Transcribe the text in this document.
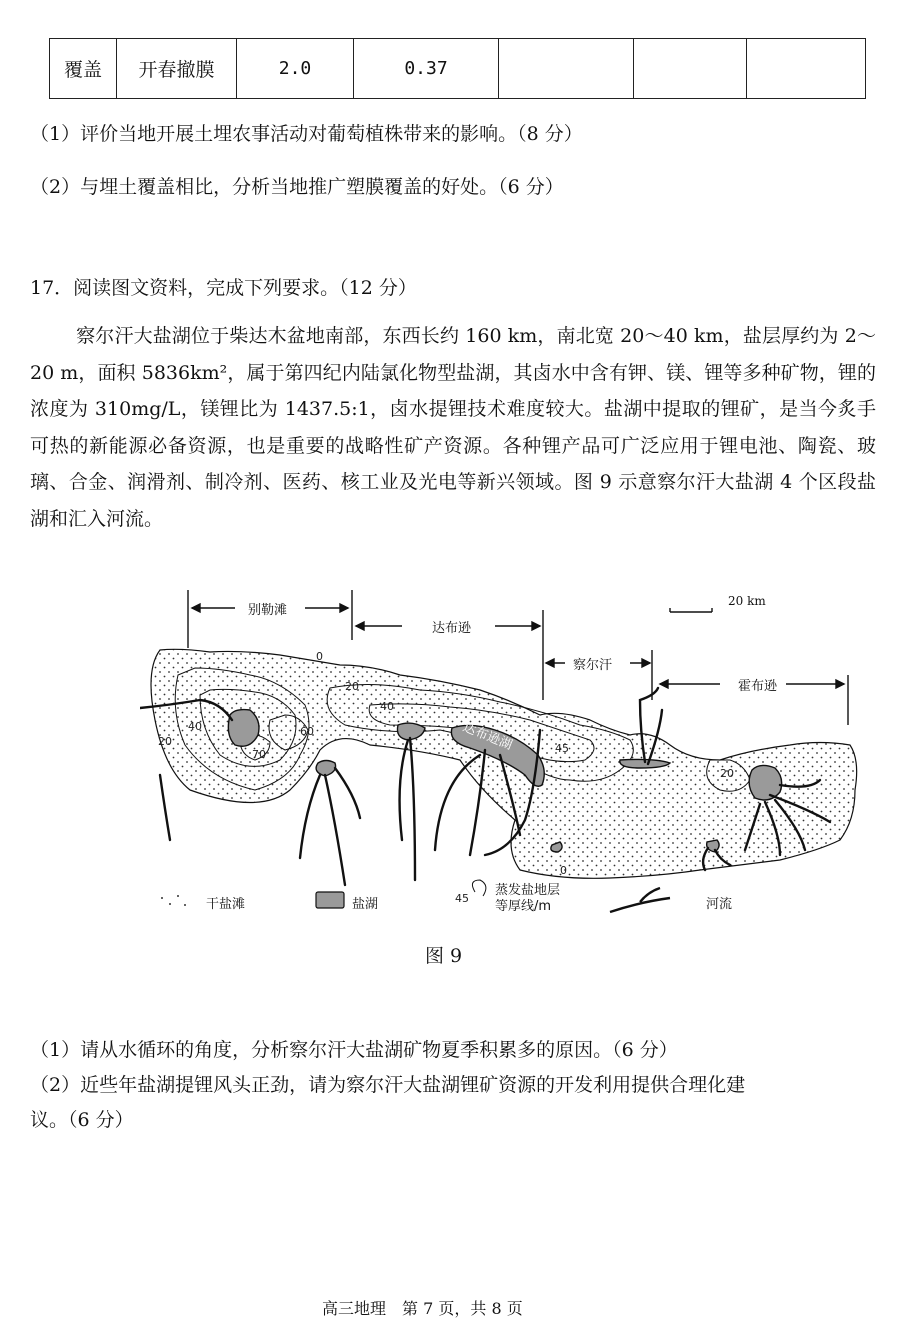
覆盖	开春撤膜	2.0	0.37			
（1）评价当地开展土埋农事活动对葡萄植株带来的影响。（8 分）
（2）与埋土覆盖相比，分析当地推广塑膜覆盖的好处。（6 分）
17．阅读图文资料，完成下列要求。（12 分）
察尔汗大盐湖位于柴达木盆地南部，东西长约 160 km，南北宽 20～40 km，盐层厚约为 2～20 m，面积 5836km²，属于第四纪内陆氯化物型盐湖，其卤水中含有钾、镁、锂等多种矿物，锂的浓度为 310mg/L，镁锂比为 1437.5:1，卤水提锂技术难度较大。盐湖中提取的锂矿，是当今炙手可热的新能源必备资源，也是重要的战略性矿产资源。各种锂产品可广泛应用于锂电池、陶瓷、玻璃、合金、润滑剂、制冷剂、医药、核工业及光电等新兴领域。图 9 示意察尔汗大盐湖 4 个区段盐湖和汇入河流。
0
20
40	60
70
20
40
45
20
0
45
达布逊湖
别勒滩
达布逊
察尔汗
霍布逊
20 km
干盐滩	盐湖
蒸发盐地层
等厚线/m	河流
图 9
（1）请从水循环的角度，分析察尔汗大盐湖矿物夏季积累多的原因。（6 分）
（2）近些年盐湖提锂风头正劲，请为察尔汗大盐湖锂矿资源的开发利用提供合理化建
议。（6 分）
高三地理　第 7 页，共 8 页
